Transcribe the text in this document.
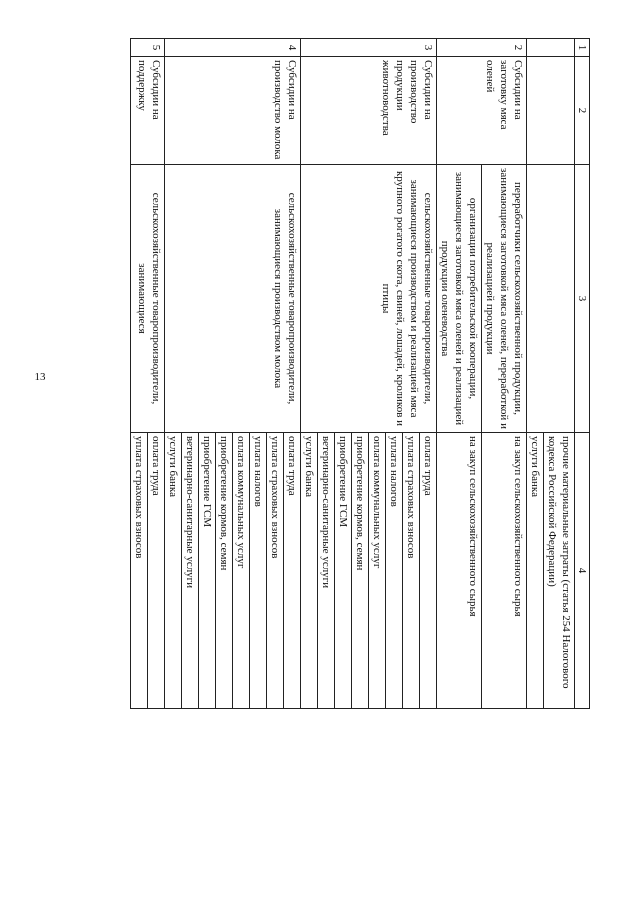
13
1	2	3	4
			прочие материальные затраты (статья 254 Налогового кодекса Российской Федерации)
			услуги банка
2	Субсидии на заготовку мяса оленей	переработчики сельскохозяйственной продукции, занимающиеся заготовкой мяса оленей, переработкой и реализацией продукции	на закуп сельскохозяйственного сырья
		организации потребительской кооперации, занимающиеся заготовкой мяса оленей и реализацией продукции оленеводства	на закуп сельскохозяйственного сырья
3	Субсидии на производство продукции животноводства	сельскохозяйственные товаропроизводители, занимающиеся производством и реализацией мяса крупного рогатого скота, свиней, лошадей, кроликов и птицы	оплата труда
			уплата страховых взносов
			уплата налогов
			оплата коммунальных услуг
			приобретение кормов, семян
			приобретение ГСМ
			ветеринарно-санитарные услуги
			услуги банка
4	Субсидии на производство молока	сельскохозяйственные товаропроизводители, занимающиеся производством молока	оплата труда
			уплата страховых взносов
			уплата налогов
			оплата коммунальных услуг
			приобретение кормов, семян
			приобретение ГСМ
			ветеринарно-санитарные услуги
			услуги банка
5	Субсидии на поддержку	сельскохозяйственные товаропроизводители, занимающиеся	оплата труда
			уплата страховых взносов
